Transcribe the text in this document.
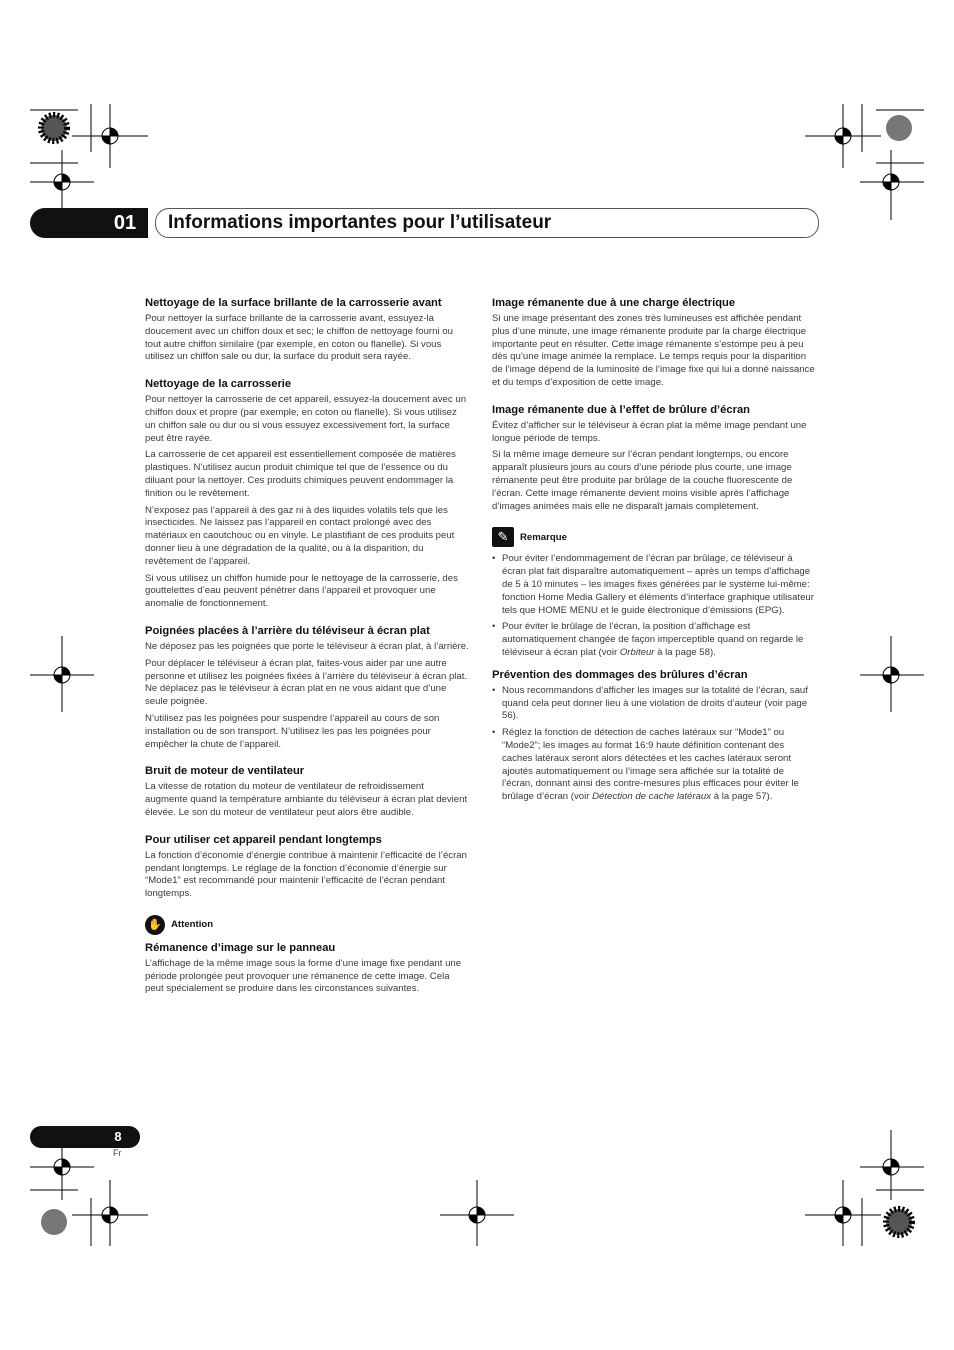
01 Informations importantes pour l’utilisateur
Nettoyage de la surface brillante de la carrosserie avant

Pour nettoyer la surface brillante de la carrosserie avant, essuyez-la doucement avec un chiffon doux et sec; le chiffon de nettoyage fourni ou tout autre chiffon similaire (par exemple, en coton ou flanelle). Si vous utilisez un chiffon sale ou dur, la surface du produit sera rayée.

Nettoyage de la carrosserie

Pour nettoyer la carrosserie de cet appareil, essuyez-la doucement avec un chiffon doux et propre (par exemple, en coton ou flanelle). Si vous utilisez un chiffon sale ou dur ou si vous essuyez excessivement fort, la surface peut être rayée.

La carrosserie de cet appareil est essentiellement composée de matières plastiques. N’utilisez aucun produit chimique tel que de l’essence ou du diluant pour la nettoyer. Ces produits chimiques peuvent endommager la finition ou le revêtement.

N’exposez pas l’appareil à des gaz ni à des liquides volatils tels que les insecticides. Ne laissez pas l’appareil en contact prolongé avec des matériaux en caoutchouc ou en vinyle. Le plastifiant de ces produits peut donner lieu à une dégradation de la qualité, ou à la disparition, du revêtement de l’appareil.

Si vous utilisez un chiffon humide pour le nettoyage de la carrosserie, des gouttelettes d’eau peuvent pénétrer dans l’appareil et provoquer une anomalie de fonctionnement.

Poignées placées à l’arrière du téléviseur à écran plat

Ne déposez pas les poignées que porte le téléviseur à écran plat, à l’arrière.

Pour déplacer le téléviseur à écran plat, faites-vous aider par une autre personne et utilisez les poignées fixées à l’arrière du téléviseur à écran plat. Ne déplacez pas le téléviseur à écran plat en ne vous aidant que d’une seule poignée.

N’utilisez pas les poignées pour suspendre l’appareil au cours de son installation ou de son transport. N’utilisez les pas les poignées pour empêcher la chute de l’appareil.

Bruit de moteur de ventilateur

La vitesse de rotation du moteur de ventilateur de refroidissement augmente quand la température ambiante du téléviseur à écran plat devient élevée. Le son du moteur de ventilateur peut alors être audible.

Pour utiliser cet appareil pendant longtemps

La fonction d’économie d’énergie contribue à maintenir l’efficacité de l’écran pendant longtemps. Le réglage de la fonction d’économie d’énergie sur “Mode1” est recommandé pour maintenir l’efficacité de l’écran pendant longtemps.

✋ Attention
Rémanence d’image sur le panneau

L’affichage de la même image sous la forme d’une image fixe pendant une période prolongée peut provoquer une rémanence de cette image. Cela peut spécialement se produire dans les circonstances suivantes.

Image rémanente due à une charge électrique

Si une image présentant des zones très lumineuses est affichée pendant plus d’une minute, une image rémanente produite par la charge électrique importante peut en résulter. Cette image rémanente s’estompe peu à peu dès qu’une image animée la remplace. Le temps requis pour la disparition de l’image dépend de la luminosité de l’image fixe qui lui a donné naissance et du temps d’exposition de cette image.

Image rémanente due à l’effet de brûlure d’écran

Évitez d’afficher sur le téléviseur à écran plat la même image pendant une longue période de temps.

Si la même image demeure sur l’écran pendant longtemps, ou encore apparaît plusieurs jours au cours d’une période plus courte, une image rémanente peut être produite par brûlage de la couche fluorescente de l’écran. Cette image rémanente devient moins visible après l’affichage d’images animées mais elle ne disparaît jamais complètement.

✎	Remarque
• Pour éviter l’endommagement de l’écran par brûlage, ce téléviseur à écran plat fait disparaître automatiquement – après un temps d’affichage de 5 à 10 minutes – les images fixes générées par le système lui-même: fonction Home Media Gallery et éléments d’interface graphique utilisateur tels que HOME MENU et le guide électronique d’émissions (EPG).
• Pour éviter le brûlage de l’écran, la position d’affichage est automatiquement changée de façon imperceptible quand on regarde le téléviseur à écran plat (voir Orbiteur à la page 58).
Prévention des dommages des brûlures d’écran
• Nous recommandons d’afficher les images sur la totalité de l’écran, sauf quand cela peut donner lieu à une violation de droits d’auteur (voir page 56).
• Réglez la fonction de détection de caches latéraux sur “Mode1” ou “Mode2”; les images au format 16:9 haute définition contenant des caches latéraux seront alors détectées et les caches latéraux seront ajoutés automatiquement ou l’image sera affichée sur la totalité de l’écran, donnant ainsi des contre-mesures plus efficaces pour éviter le brûlage d’écran (voir Détection de cache latéraux à la page 57).
8
Fr
